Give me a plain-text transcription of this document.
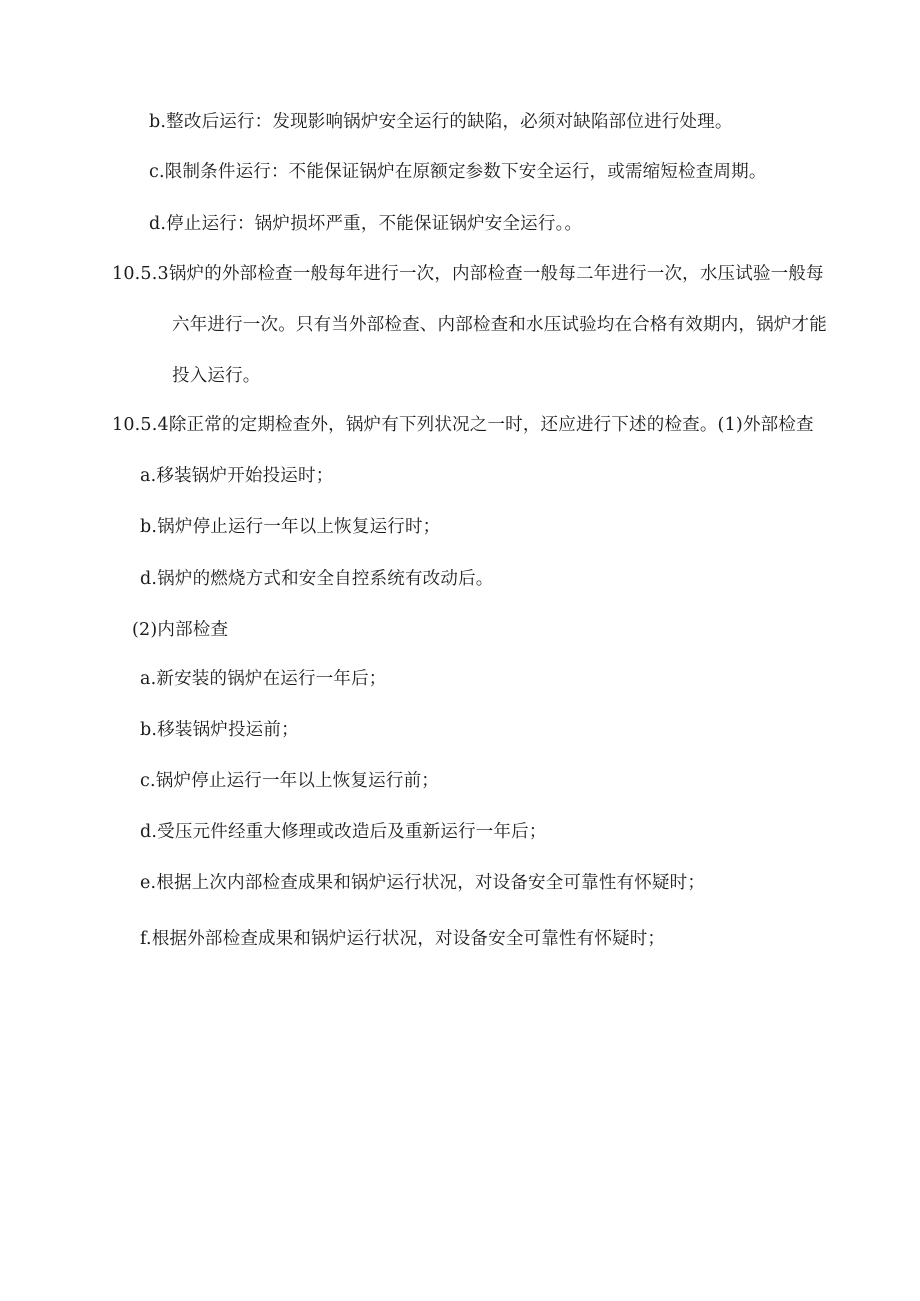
b.整改后运行：发现影响锅炉安全运行的缺陷，必须对缺陷部位进行处理。
c.限制条件运行：不能保证锅炉在原额定参数下安全运行，或需缩短检查周期。
d.停止运行：锅炉损坏严重，不能保证锅炉安全运行。。
10.5.3锅炉的外部检查一般每年进行一次，内部检查一般每二年进行一次，水压试验一般每
六年进行一次。只有当外部检查、内部检查和水压试验均在合格有效期内，锅炉才能
投入运行。
10.5.4除正常的定期检查外，锅炉有下列状况之一时，还应进行下述的检查。(1)外部检查
a.移装锅炉开始投运时；
b.锅炉停止运行一年以上恢复运行时；
d.锅炉的燃烧方式和安全自控系统有改动后。
(2)内部检查
a.新安装的锅炉在运行一年后；
b.移装锅炉投运前；
c.锅炉停止运行一年以上恢复运行前；
d.受压元件经重大修理或改造后及重新运行一年后；
e.根据上次内部检查成果和锅炉运行状况，对设备安全可靠性有怀疑时；
f.根据外部检查成果和锅炉运行状况，对设备安全可靠性有怀疑时；
